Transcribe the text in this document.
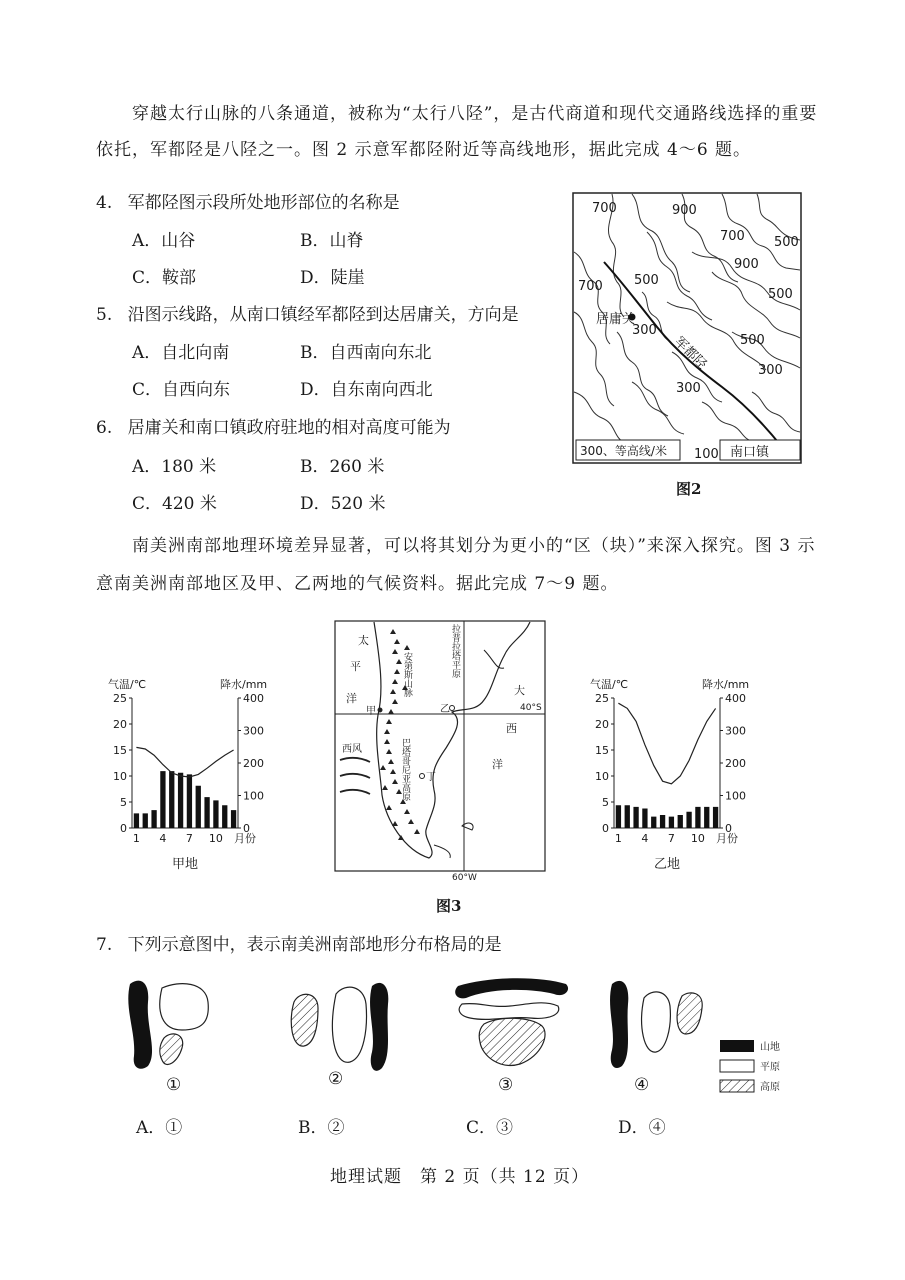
穿越太行山脉的八条通道，被称为“太行八陉”，是古代商道和现代交通路线选择的重要
依托，军都陉是八陉之一。图 2 示意军都陉附近等高线地形，据此完成 4～6 题。
4. 军都陉图示段所处地形部位的名称是
A．山谷	B．山脊
C．鞍部	D．陡崖
5. 沿图示线路，从南口镇经军都陉到达居庸关，方向是
A．自北向南	B．自西南向东北
C．自西向东	D．自东南向西北
6. 居庸关和南口镇政府驻地的相对高度可能为
A．180 米	B．260 米
C．420 米	D．520 米
700	900
700 500
900
500
700 500
300
500
300
300
居庸关
军都陉
300、等高线/米 100 南口镇
图2
南美洲南部地理环境差异显著，可以将其划分为更小的“区（块）”来深入探究。图 3 示
意南美洲南部地区及甲、乙两地的气候资料。据此完成 7～9 题。
气温/℃	降水/mm
0
5
10
15
20
25
0
100
200
300
400
1 4 7 10 月份
甲地
太
平
洋
大
西
洋
安第斯山脉	拉普拉塔平原
巴塔哥尼亚高原
甲	乙
丁
西风
40°S
60°W
图3
气温/℃	降水/mm
0
5
10
15
20
25
0
100
200
300
400
1 4 7 10 月份
乙地
7. 下列示意图中，表示南美洲南部地形分布格局的是
①	②	③	④
山地
平原
高原
A．①	B．②	C．③	D．④
地理试题　第 2 页（共 12 页）
